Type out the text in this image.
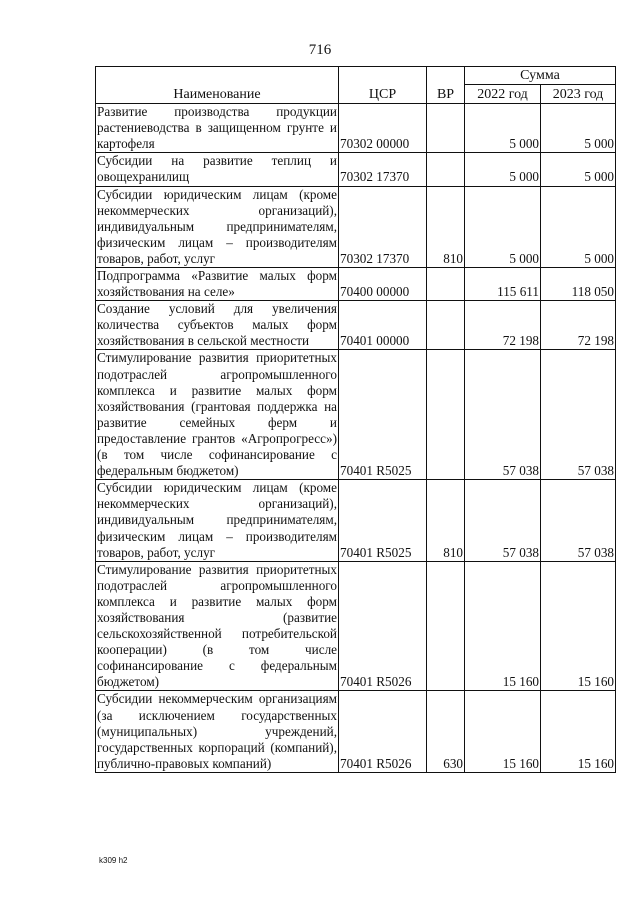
716
Наименование	ЦСР	ВР	Сумма	
			2022 год	2023 год
Развитие производства продукции растениеводства в защищенном грунте и картофеля	70302 00000		5 000	5 000
Субсидии на развитие теплиц и овощехранилищ	70302 17370		5 000	5 000
Субсидии юридическим лицам (кроме некоммерческих организаций), индивидуальным предпринимателям, физическим лицам – производителям товаров, работ, услуг	70302 17370	810	5 000	5 000
Подпрограмма «Развитие малых форм хозяйствования на селе»	70400 00000		115 611	118 050
Создание условий для увеличения количества субъектов малых форм хозяйствования в сельской местности	70401 00000		72 198	72 198
Стимулирование развития приоритетных подотраслей агропромышленного комплекса и развитие малых форм хозяйствования (грантовая поддержка на развитие семейных ферм и предоставление грантов «Агропрогресс») (в том числе софинансирование с федеральным бюджетом)	70401 R5025		57 038	57 038
Субсидии юридическим лицам (кроме некоммерческих организаций), индивидуальным предпринимателям, физическим лицам – производителям товаров, работ, услуг	70401 R5025	810	57 038	57 038
Стимулирование развития приоритетных подотраслей агропромышленного комплекса и развитие малых форм хозяйствования (развитие сельскохозяйственной потребительской кооперации) (в том числе софинансирование с федеральным бюджетом)	70401 R5026		15 160	15 160
Субсидии некоммерческим организациям (за исключением государственных (муниципальных) учреждений, государственных корпораций (компаний), публично-правовых компаний)	70401 R5026	630	15 160	15 160
k309 h2
